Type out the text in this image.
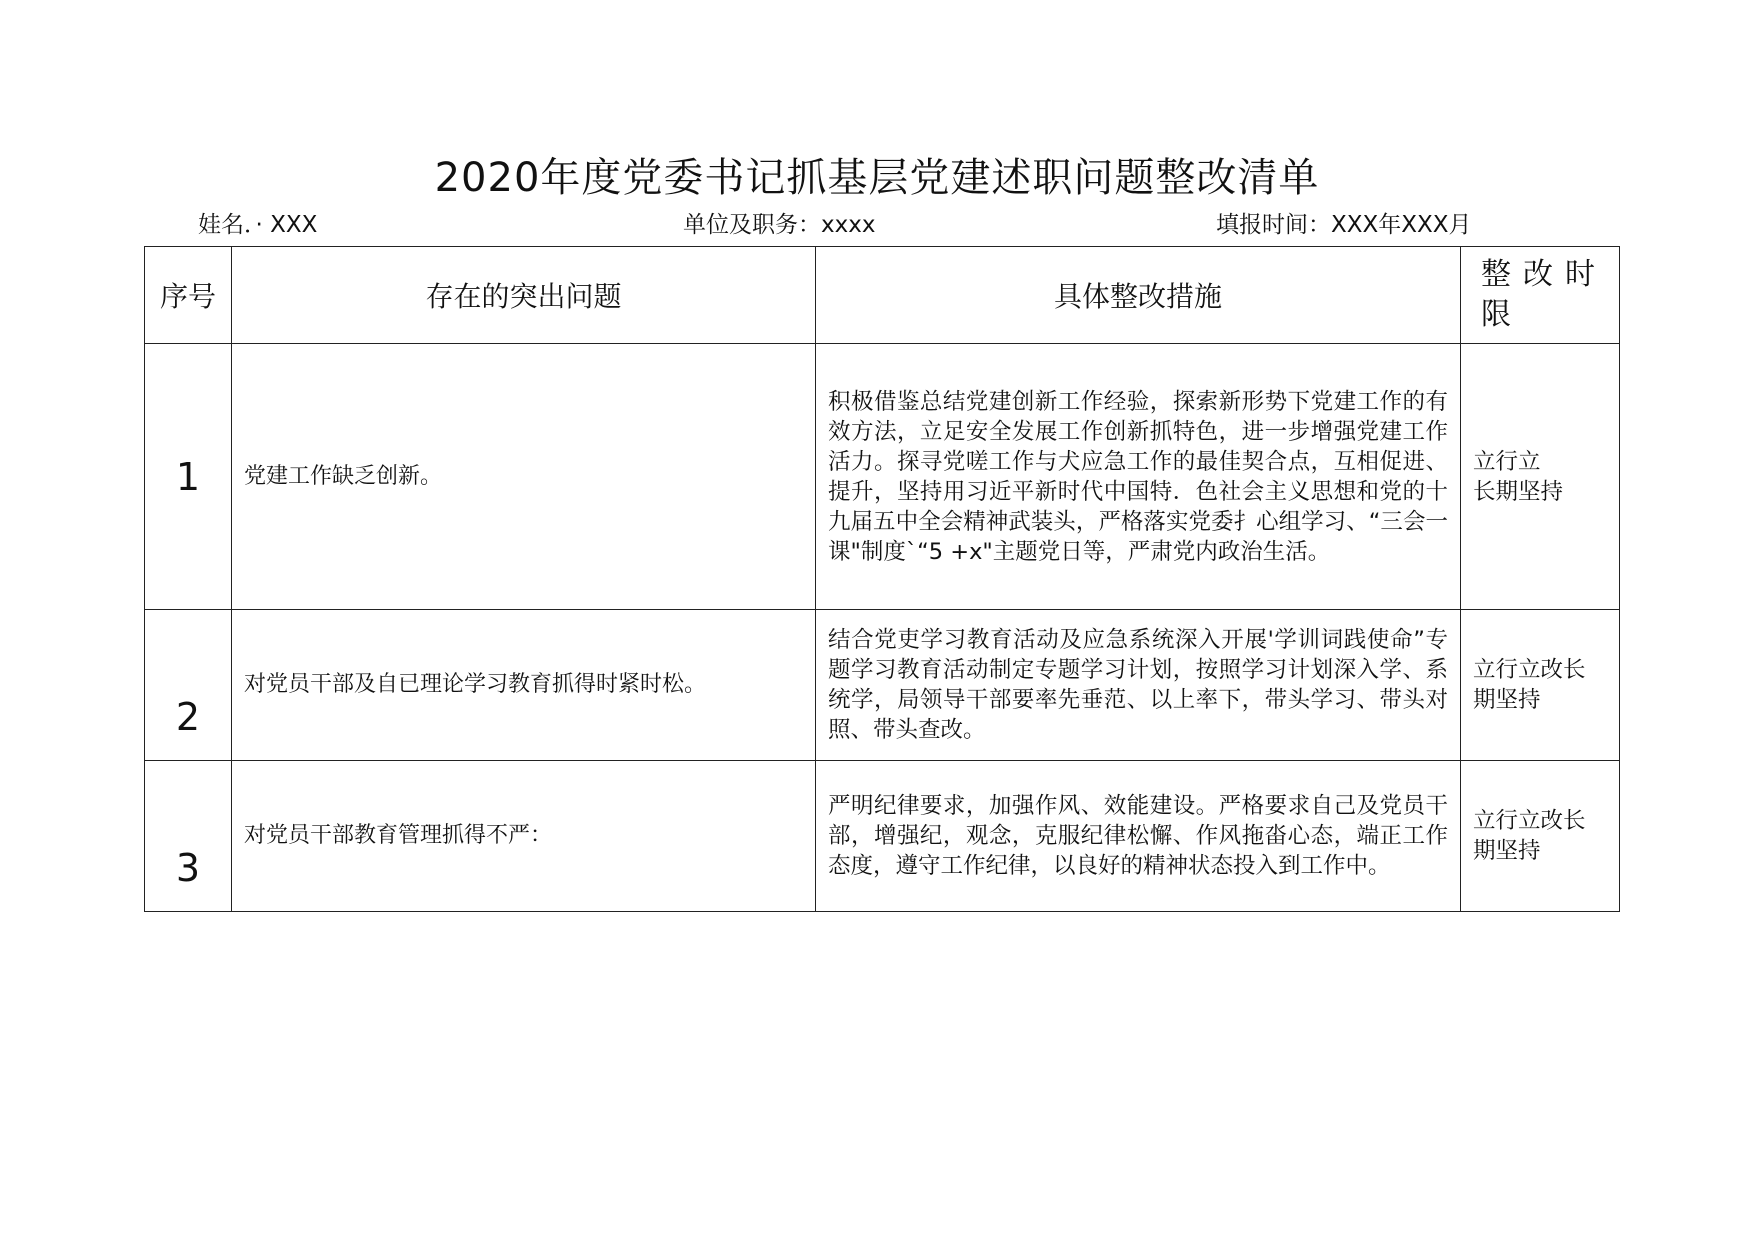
2020年度党委书记抓基层党建述职问题整改清单
娃名．· XXX	单位及职务：xxxx	填报时间：XXX年XXX月
序号	存在的突出问题	具体整改措施	整改时限

1	党建工作缺乏创新。	积极借鉴总结党建创新工作经验，探索新形势下党建工作的有效方法，立足安全发展工作创新抓特色，进一步增强党建工作活力。探寻党嗟工作与犬应急工作的最佳契合点，互相促进、提升，坚持用习近平新时代中国特．色社会主义思想和党的十九届五中全会精神武装头，严格落实党委扌心组学习、“三会一课"制度`“5 +x"主题党日等，严肃党内政治生活。	立行立
长期坚持

2	对党员干部及自已理论学习教育抓得时紧时松。	结合党吏学习教育活动及应急系统深入开展'学训词践使命”专题学习教育活动制定专题学习计划，按照学习计划深入学、系统学，局领导干部要率先垂范、以上率下，带头学习、带头对照、带头查改。	立行立改长期坚持

3	对党员干部教育管理抓得不严：	严明纪律要求，加强作风、效能建设。严格要求自己及党员干部，增强纪，观念，克服纪律松懈、作风拖畓心态，端正工作态度，遵守工作纪律，以良好的精神状态投入到工作中。	立行立改长期坚持
